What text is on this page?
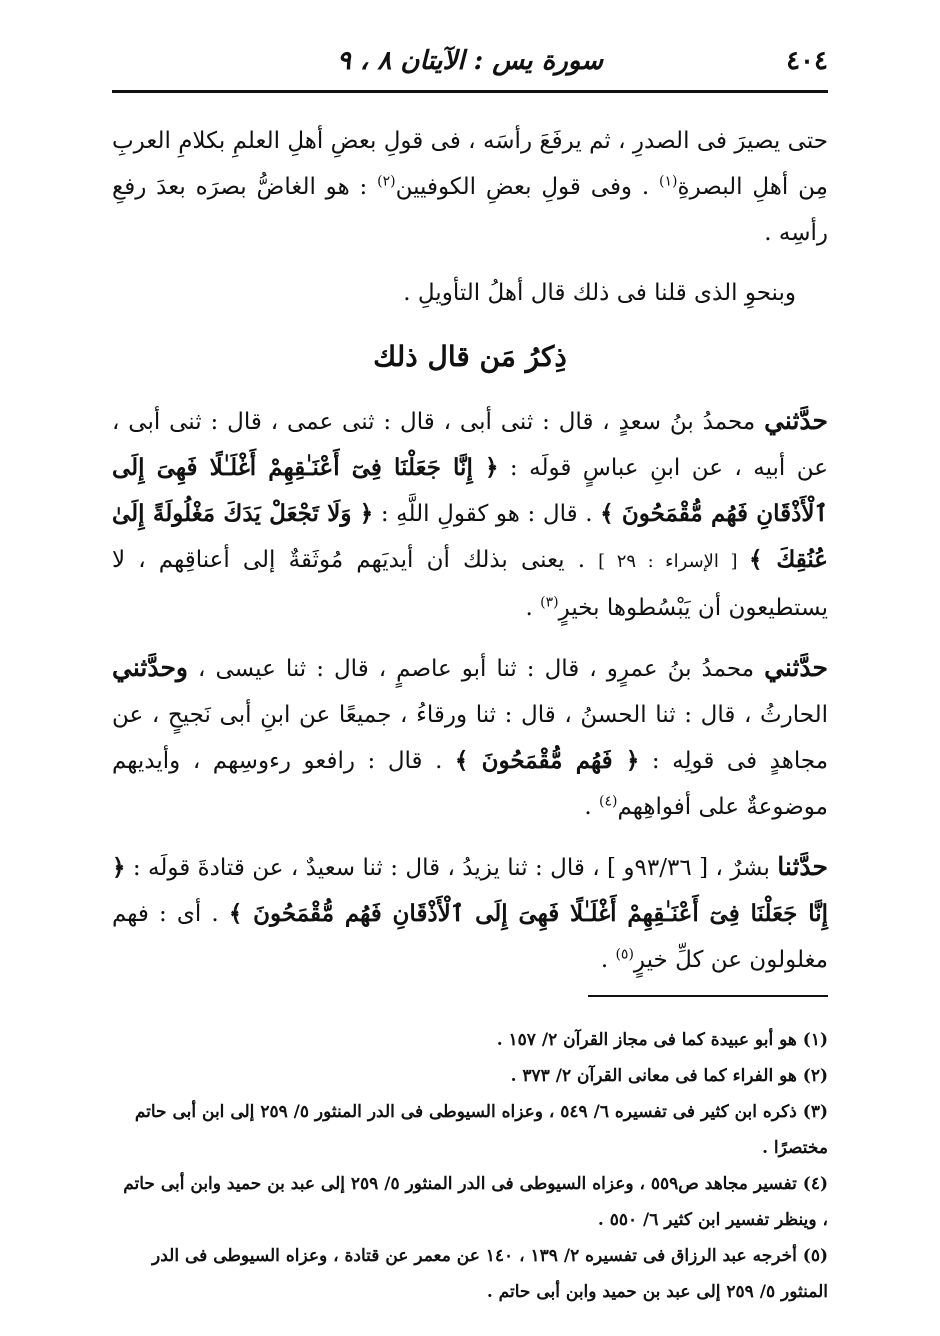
٤٠٤
سورة يس : الآيتان ٨ ، ٩

حتى يصيرَ فى الصدرِ ، ثم يرفَعَ رأسَه ، فى قولِ بعضِ أهلِ العلمِ بكلامِ العربِ مِن أهلِ البصرةِ$^{(١)}$ . وفى قولِ بعضِ الكوفيين$^{(٢)}$ : هو الغاضُّ بصرَه بعدَ رفعِ رأسِه .

وبنحوِ الذى قلنا فى ذلك قال أهلُ التأويلِ .

ذِكرُ مَن قال ذلك

حدَّثني محمدُ بنُ سعدٍ ، قال : ثنى أبى ، قال : ثنى عمى ، قال : ثنى أبى ، عن أبيه ، عن ابنِ عباسٍ قولَه : ﴿ إِنَّا جَعَلْنَا فِىٓ أَعْنَـٰقِهِمْ أَغْلَـٰلًا فَهِىَ إِلَى ٱلْأَذْقَانِ فَهُم مُّقْمَحُونَ ﴾ . قال : هو كقولِ اللَّهِ : ﴿ وَلَا تَجْعَلْ يَدَكَ مَغْلُولَةً إِلَىٰ عُنُقِكَ ﴾ [ الإسراء : ٢٩ ] . يعنى بذلك أن أيديَهم مُوثَقةٌ إلى أعناقِهم ، لا يستطيعون أن يَبْسُطوها بخيرٍ$^{(٣)}$ .

حدَّثني محمدُ بنُ عمرٍو ، قال : ثنا أبو عاصمٍ ، قال : ثنا عيسى ، وحدَّثني الحارثُ ، قال : ثنا الحسنُ ، قال : ثنا ورقاءُ ، جميعًا عن ابنِ أبى نَجيحٍ ، عن مجاهدٍ فى قولِه : ﴿ فَهُم مُّقْمَحُونَ ﴾ . قال : رافعو رءوسِهم ، وأيديهم موضوعةٌ على أفواهِهم$^{(٤)}$ .

حدَّثنا بشرٌ ، [ ٩٣/٣٦و ] ، قال : ثنا يزيدُ ، قال : ثنا سعيدٌ ، عن قتادةَ قولَه : ﴿ إِنَّا جَعَلْنَا فِىٓ أَعْنَـٰقِهِمْ أَغْلَـٰلًا فَهِىَ إِلَى ٱلْأَذْقَانِ فَهُم مُّقْمَحُونَ ﴾ . أى : فهم مغلولون عن كلِّ خيرٍ$^{(٥)}$ .

(١) هو أبو عبيدة كما فى مجاز القرآن ٢/ ١٥٧ .

(٢) هو الفراء كما فى معانى القرآن ٢/ ٣٧٣ .

(٣) ذكره ابن كثير فى تفسيره ٦/ ٥٤٩ ، وعزاه السيوطى فى الدر المنثور ٥/ ٢٥٩ إلى ابن أبى حاتم مختصرًا .

(٤) تفسير مجاهد ص٥٥٩ ، وعزاه السيوطى فى الدر المنثور ٥/ ٢٥٩ إلى عبد بن حميد وابن أبى حاتم ، وينظر تفسير ابن كثير ٦/ ٥٥٠ .

(٥) أخرجه عبد الرزاق فى تفسيره ٢/ ١٣٩ ، ١٤٠ عن معمر عن قتادة ، وعزاه السيوطى فى الدر المنثور ٥/ ٢٥٩ إلى عبد بن حميد وابن أبى حاتم .
